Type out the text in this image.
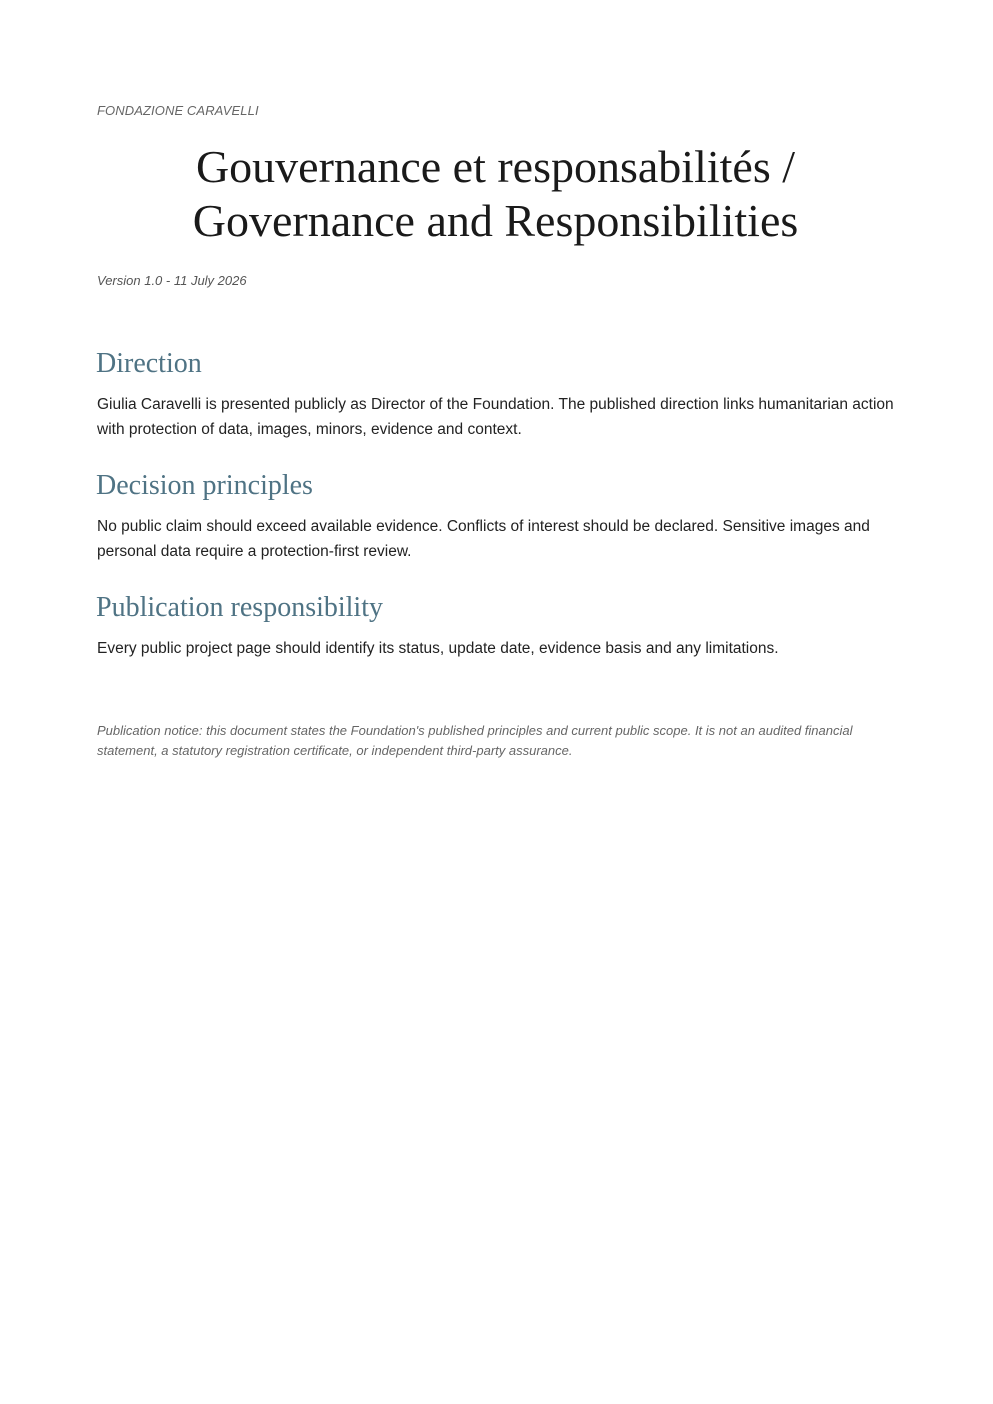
FONDAZIONE CARAVELLI
Gouvernance et responsabilités /
Governance and Responsibilities
Version 1.0 - 11 July 2026
Direction

Giulia Caravelli is presented publicly as Director of the Foundation. The published direction links humanitarian action with protection of data, images, minors, evidence and context.

Decision principles

No public claim should exceed available evidence. Conflicts of interest should be declared. Sensitive images and personal data require a protection-first review.

Publication responsibility

Every public project page should identify its status, update date, evidence basis and any limitations.

Publication notice: this document states the Foundation's published principles and current public scope. It is not an audited financial statement, a statutory registration certificate, or independent third-party assurance.
